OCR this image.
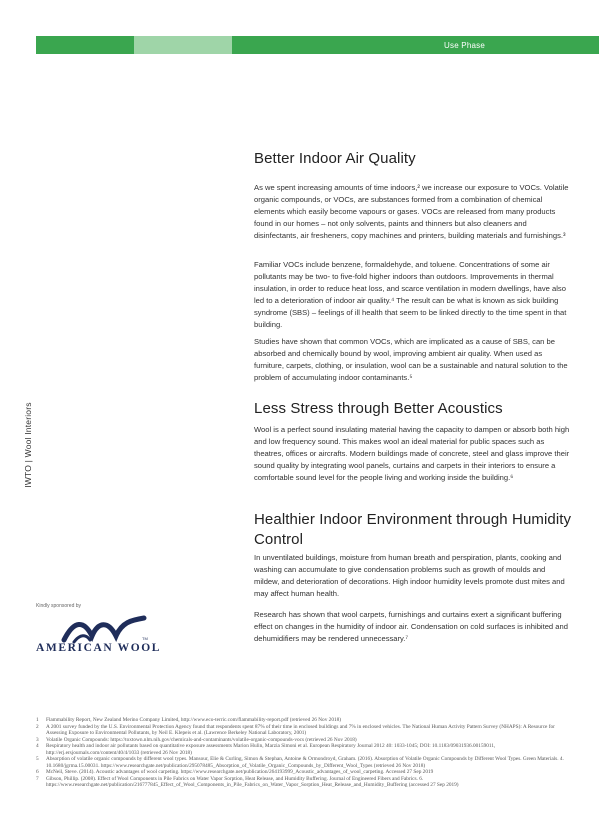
Use Phase
IWTO | Wool Interiors
Better Indoor Air Quality

As we spent increasing amounts of time indoors,² we increase our exposure to VOCs. Volatile organic compounds, or VOCs, are substances formed from a combination of chemical elements which easily become vapours or gases. VOCs are released from many products found in our homes – not only solvents, paints and thinners but also cleaners and disinfectants, air fresheners, copy machines and printers, building materials and furnishings.³

Familiar VOCs include benzene, formaldehyde, and toluene. Concentrations of some air pollutants may be two- to five-fold higher indoors than outdoors. Improvements in thermal insulation, in order to reduce heat loss, and scarce ventilation in modern dwellings, have also led to a deterioration of indoor air quality.⁴ The result can be what is known as sick building syndrome (SBS) – feelings of ill health that seem to be linked directly to the time spent in that building.

Studies have shown that common VOCs, which are implicated as a cause of SBS, can be absorbed and chemically bound by wool, improving ambient air quality. When used as furniture, carpets, clothing, or insulation, wool can be a sustainable and natural solution to the problem of accumulating indoor contaminants.⁵

Less Stress through Better Acoustics

Wool is a perfect sound insulating material having the capacity to dampen or absorb both high and low frequency sound. This makes wool an ideal material for public spaces such as theatres, offices or aircrafts. Modern buildings made of concrete, steel and glass improve their sound quality by integrating wool panels, curtains and carpets in their interiors to ensure a comfortable sound level for the people living and working inside the building.⁶

Healthier Indoor Environment through Humidity Control

In unventilated buildings, moisture from human breath and perspiration, plants, cooking and washing can accumulate to give condensation problems such as growth of moulds and mildew, and deterioration of decorations. High indoor humidity levels promote dust mites and may affect human health.

Research has shown that wool carpets, furnishings and curtains exert a significant buffering effect on changes in the humidity of indoor air. Condensation on cold surfaces is inhibited and dehumidifiers may be rendered unnecessary.⁷

Kindly sponsored by
TM
AMERICAN WOOL
1	Flammability Report, New Zealand Merino Company Limited, http://www.eco-terric.com/flammability-report.pdf (retrieved 26 Nov 2018)
2	A 2001 survey funded by the U.S. Environmental Protection Agency found that respondents spent 87% of their time in enclosed buildings and 7% in enclosed vehicles. The National Human Activity Pattern Survey (NHAPS): A Resource for Assessing Exposure to Environmental Pollutants, by Neil E. Klepeis et al. (Lawrence Berkeley National Laboratory, 2001)
3	Volatile Organic Compounds: https://toxtown.nlm.nih.gov/chemicals-and-contaminants/volatile-organic-compounds-vocs (retrieved 26 Nov 2018)
4	Respiratory health and indoor air pollutants based on quantitative exposure assessments Marion Hulin, Marzia Simoni et al. European Respiratory Journal 2012 40: 1033-1045; DOI: 10.1183/09031936.00159011, http://erj.ersjournals.com/content/40/4/1033 (retrieved 26 Nov 2018)
5	Absorption of volatile organic compounds by different wool types. Mansour, Elie & Curling, Simon & Stephan, Antoine & Ormondroyd, Graham. (2016). Absorption of Volatile Organic Compounds by Different Wool Types. Green Materials. 4. 10.1680/jgrma.15.00031. https://www.researchgate.net/publication/295078485_Absorption_of_Volatile_Organic_Compounds_by_Different_Wool_Types (retrieved 26 Nov 2018)
6	McNeil, Steve. (2014). Acoustic advantages of wool carpeting. https://www.researchgate.net/publication/264193999_Acoustic_advantages_of_wool_carpeting. Accessed 27 Sep 2019
7	Gibson, Phillip. (2008). Effect of Wool Components in Pile Fabrics on Water Vapor Sorption, Heat Release, and Humidity Buffering. Journal of Engineered Fibers and Fabrics. 6. https://www.researchgate.net/publication/216777845_Effect_of_Wool_Components_in_Pile_Fabrics_on_Water_Vapor_Sorption_Heat_Release_and_Humidity_Buffering (accessed 27 Sep 2019)
